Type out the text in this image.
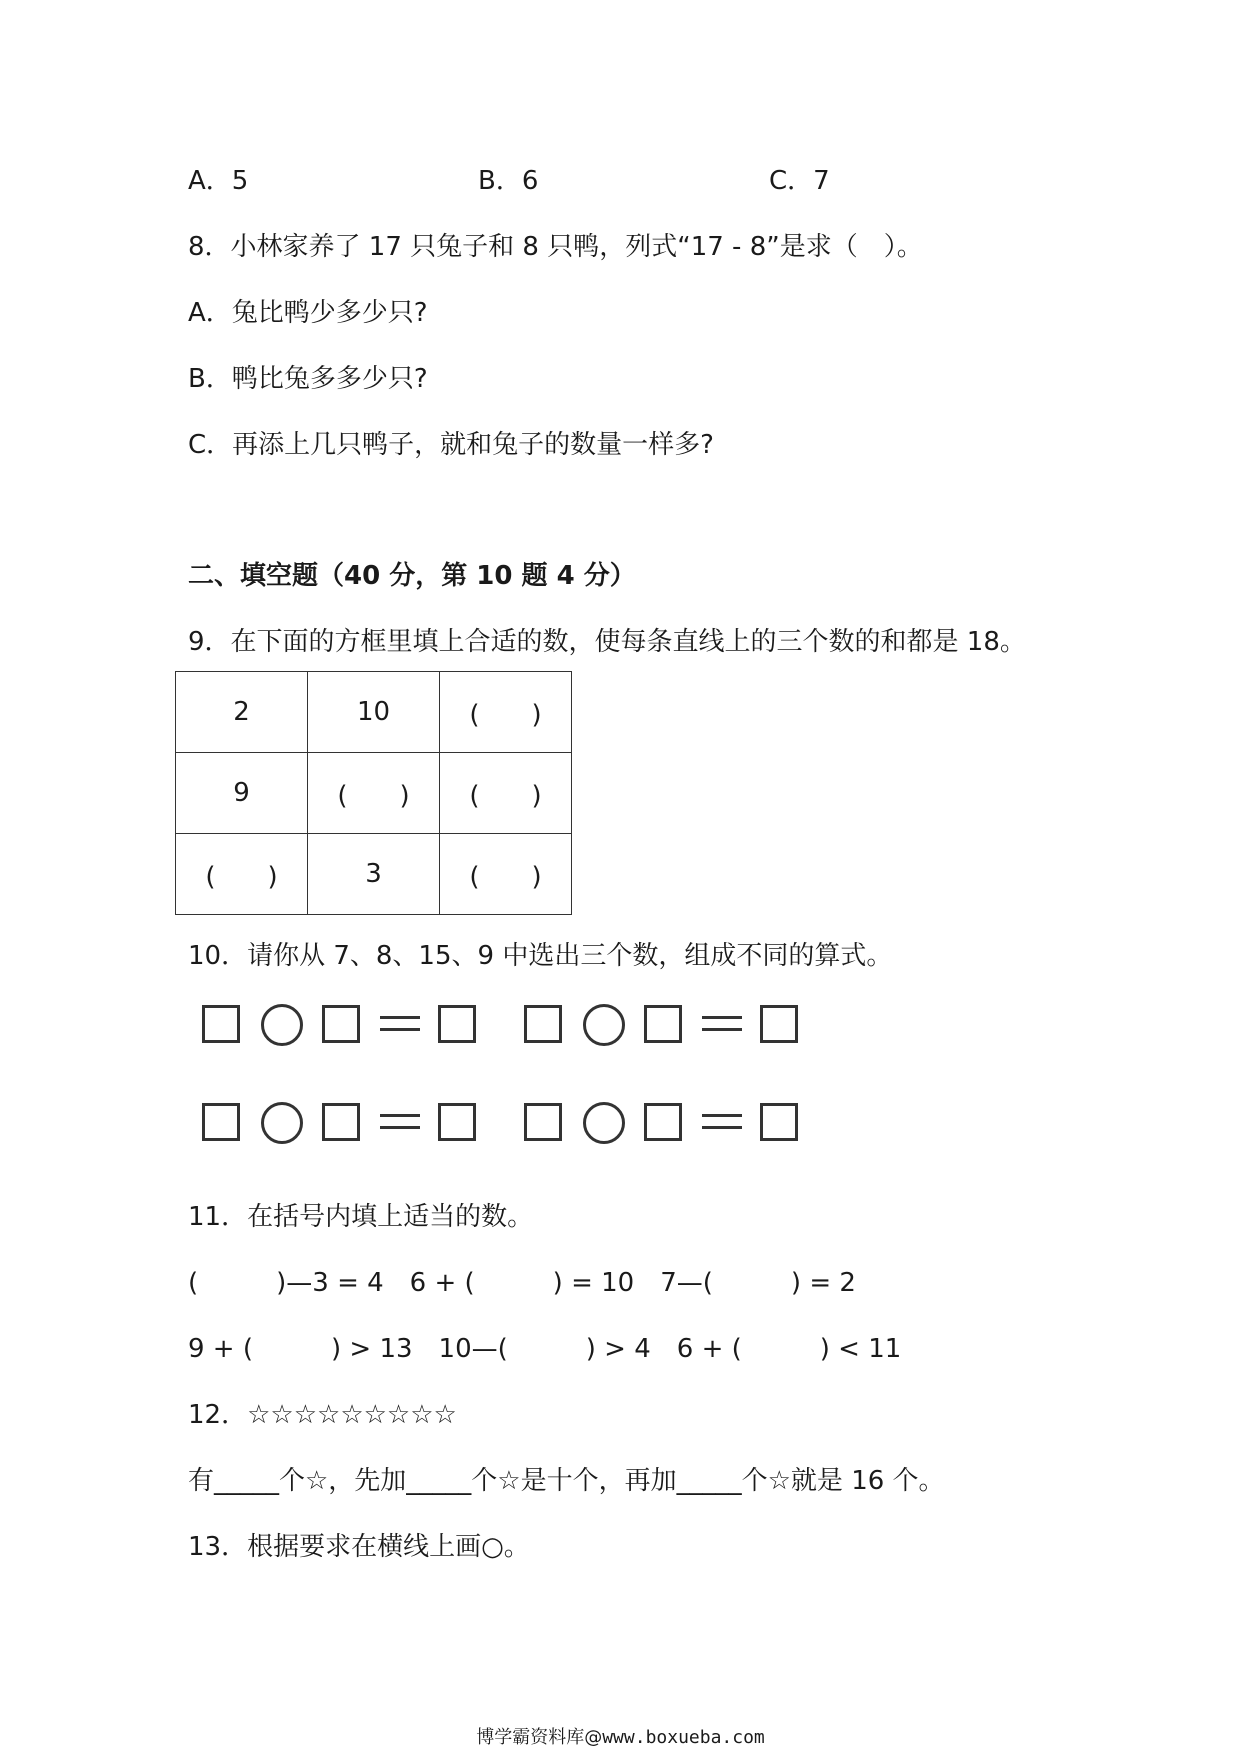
A．5	B．6	C．7
8．小林家养了 17 只兔子和 8 只鸭，列式“17 - 8”是求（　）。
A．兔比鸭少多少只?
B．鸭比兔多多少只?
C．再添上几只鸭子，就和兔子的数量一样多?
二、填空题（40 分，第 10 题 4 分）
9．在下面的方框里填上合适的数，使每条直线上的三个数的和都是 18。
2	10	(　　)
9	(　　)	(　　)
(　　)	3	(　　)
10．请你从 7、8、15、9 中选出三个数，组成不同的算式。
11．在括号内填上适当的数。
(　　　)—3 = 4　6 + (　　　) = 10　7—(　　　) = 2
9 + (　　　) > 13　10—(　　　) > 4　6 + (　　　) < 11
12．☆☆☆☆☆☆☆☆☆
有_____个☆，先加_____个☆是十个，再加_____个☆就是 16 个。
13．根据要求在横线上画○。
博学霸资料库@www.boxueba.com
